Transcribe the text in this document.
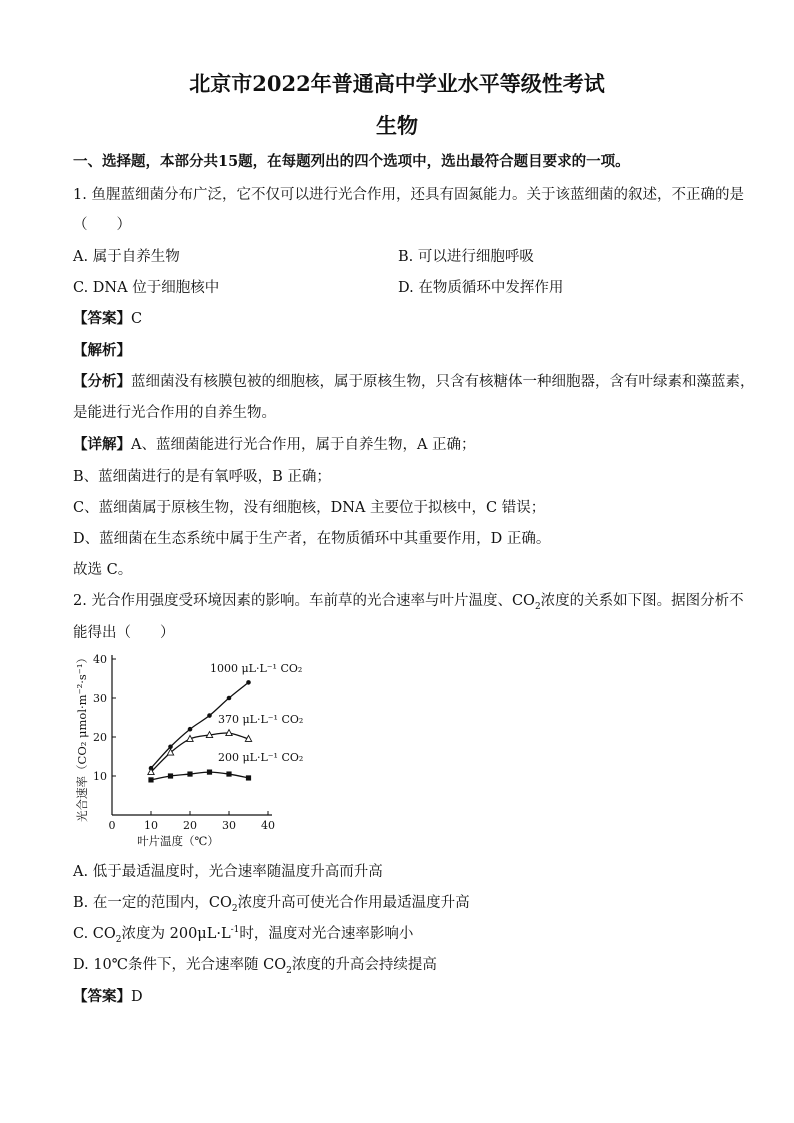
北京市2022年普通高中学业水平等级性考试
生物
一、选择题，本部分共15题，在每题列出的四个选项中，选出最符合题目要求的一项。
1. 鱼腥蓝细菌分布广泛，它不仅可以进行光合作用，还具有固氮能力。关于该蓝细菌的叙述，不正确的是
（　　）
A. 属于自养生物	B. 可以进行细胞呼吸
C. DNA 位于细胞核中	D. 在物质循环中发挥作用
【答案】C
【解析】
【分析】蓝细菌没有核膜包被的细胞核，属于原核生物，只含有核糖体一种细胞器，含有叶绿素和藻蓝素，
是能进行光合作用的自养生物。
【详解】A、蓝细菌能进行光合作用，属于自养生物，A 正确；
B、蓝细菌进行的是有氧呼吸，B 正确；
C、蓝细菌属于原核生物，没有细胞核，DNA 主要位于拟核中，C 错误；
D、蓝细菌在生态系统中属于生产者，在物质循环中其重要作用，D 正确。
故选 C。
2. 光合作用强度受环境因素的影响。车前草的光合速率与叶片温度、$CO_2$浓度的关系如下图。据图分析不
能得出（　　）
0	10 20 30 40
10
20
30
40
叶片温度（℃）
光合速率（CO₂ μmol·m⁻²·s⁻¹）	1000 μL·L⁻¹ CO₂
370 μL·L⁻¹ CO₂
200 μL·L⁻¹ CO₂
A. 低于最适温度时，光合速率随温度升高而升高
B. 在一定的范围内，$CO_2$浓度升高可使光合作用最适温度升高
C. $CO_2$浓度为 $200\mu L\cdot L^{-1}$时，温度对光合速率影响小
D. 10℃条件下，光合速率随 $CO_2$浓度的升高会持续提高
【答案】D
